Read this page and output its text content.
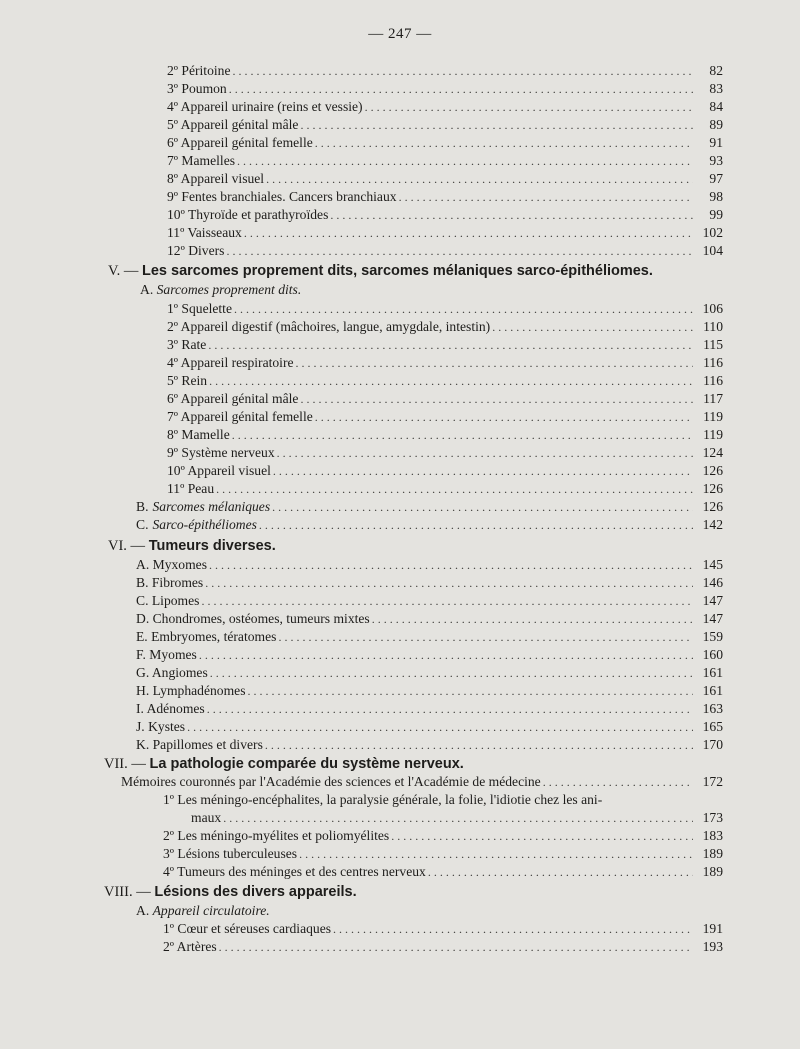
— 247 —
2º Péritoine . . .	82
3º Poumon . . .	83
4º Appareil urinaire (reins et vessie) . . .	84
5º Appareil génital mâle . . .	89
6º Appareil génital femelle . . .	91
7º Mamelles . . .	93
8º Appareil visuel . . .	97
9º Fentes branchiales. Cancers branchiaux . . .	98
10º Thyroïde et parathyroïdes . . .	99
11º Vaisseaux . . .	102
12º Divers . . .	104
V. — Les sarcomes proprement dits, sarcomes mélaniques sarco-épithéliomes.
A. Sarcomes proprement dits.
1º Squelette . . .	106
2º Appareil digestif (mâchoires, langue, amygdale, intestin) . . .	110
3º Rate . . .	115
4º Appareil respiratoire . . .	116
5º Rein . . .	116
6º Appareil génital mâle . . .	117
7º Appareil génital femelle . . .	119
8º Mamelle . . .	119
9º Système nerveux . . .	124
10º Appareil visuel . . .	126
11º Peau . . .	126
B. Sarcomes mélaniques . . .	126
C. Sarco-épithéliomes . . .	142
VI. — Tumeurs diverses.
A. Myxomes . . .	145
B. Fibromes . . .	146
C. Lipomes . . .	147
D. Chondromes, ostéomes, tumeurs mixtes . . .	147
E. Embryomes, tératomes . . .	159
F. Myomes . . .	160
G. Angiomes . . .	161
H. Lymphadénomes . . .	161
I. Adénomes . . .	163
J. Kystes . . .	165
K. Papillomes et divers . . .	170
VII. — La pathologie comparée du système nerveux.
Mémoires couronnés par l'Académie des sciences et l'Académie de médecine . . .	172
1º Les méningo-encéphalites, la paralysie générale, la folie, l'idiotie chez les ani-
maux . . .	173
2º Les méningo-myélites et poliomyélites . . .	183
3º Lésions tuberculeuses . . .	189
4º Tumeurs des méninges et des centres nerveux . . .	189
VIII. — Lésions des divers appareils.
A. Appareil circulatoire.
1º Cœur et séreuses cardiaques . . .	191
2º Artères . . .	193
